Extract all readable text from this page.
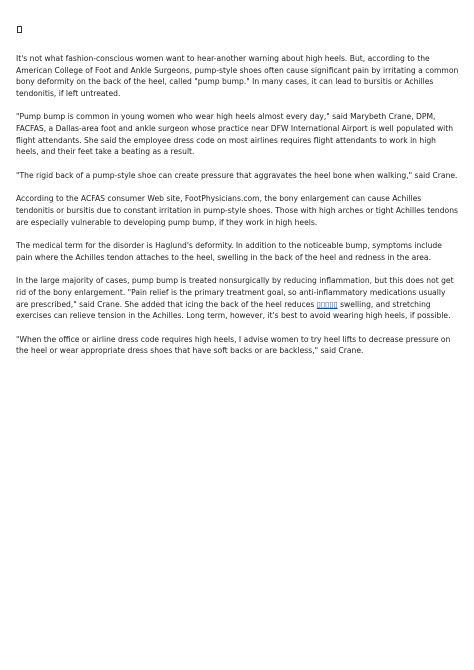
It's not what fashion-conscious women want to hear-another warning about high heels. But, according to the American College of Foot and Ankle Surgeons, pump-style shoes often cause significant pain by irritating a common bony deformity on the back of the heel, called "pump bump." In many cases, it can lead to bursitis or Achilles tendonitis, if left untreated.

"Pump bump is common in young women who wear high heels almost every day," said Marybeth Crane, DPM, FACFAS, a Dallas-area foot and ankle surgeon whose practice near DFW International Airport is well populated with flight attendants. She said the employee dress code on most airlines requires flight attendants to work in high heels, and their feet take a beating as a result.

"The rigid back of a pump-style shoe can create pressure that aggravates the heel bone when walking," said Crane.

According to the ACFAS consumer Web site, FootPhysicians.com, the bony enlargement can cause Achilles tendonitis or bursitis due to constant irritation in pump-style shoes. Those with high arches or tight Achilles tendons are especially vulnerable to developing pump bump, if they work in high heels.

The medical term for the disorder is Haglund's deformity. In addition to the noticeable bump, symptoms include pain where the Achilles tendon attaches to the heel, swelling in the back of the heel and redness in the area.

In the large majority of cases, pump bump is treated nonsurgically by reducing inflammation, but this does not get rid of the bony enlargement. "Pain relief is the primary treatment goal, so anti-inflammatory medications usually are prescribed," said Crane. She added that icing the back of the heel reduces ▯▯▯▯▯ swelling, and stretching exercises can relieve tension in the Achilles. Long term, however, it's best to avoid wearing high heels, if possible.

"When the office or airline dress code requires high heels, I advise women to try heel lifts to decrease pressure on the heel or wear appropriate dress shoes that have soft backs or are backless," said Crane.
